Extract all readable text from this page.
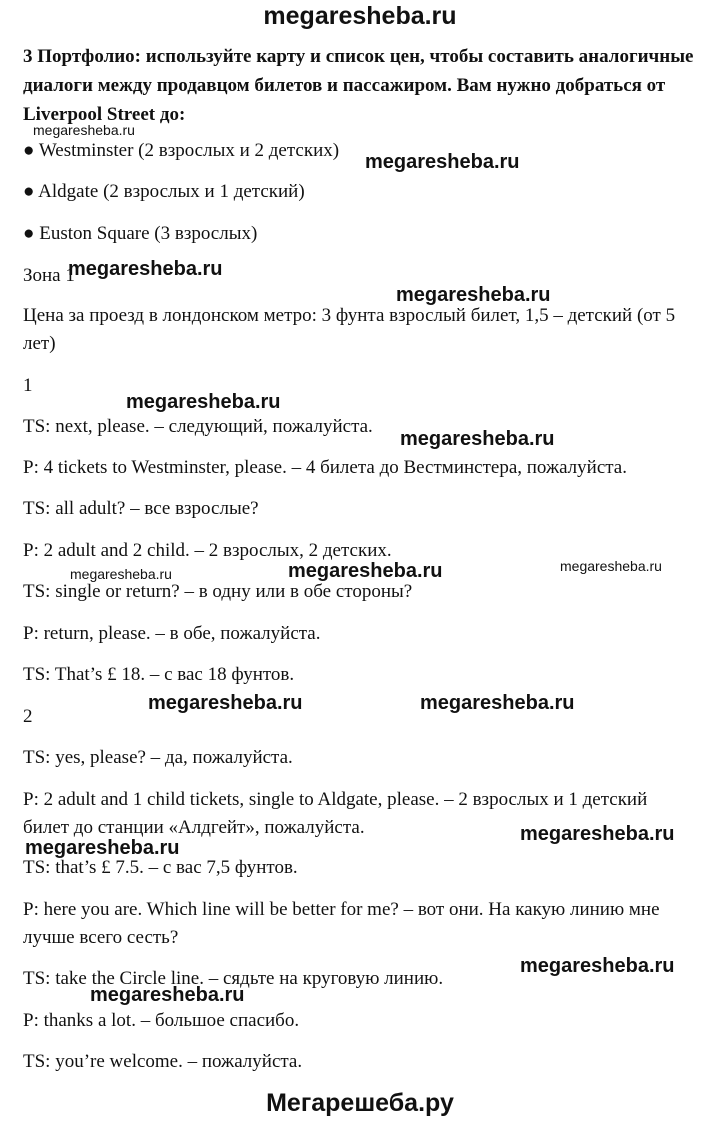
megaresheba.ru
3 Портфолио: используйте карту и список цен, чтобы составить аналогичные диалоги между продавцом билетов и пассажиром. Вам нужно добраться от Liverpool Street до:
● Westminster (2 взрослых и 2 детских)
● Aldgate (2 взрослых и 1 детский)
● Euston Square (3 взрослых)
Зона 1
Цена за проезд в лондонском метро: 3 фунта взрослый билет, 1,5 – детский (от 5 лет)
1
TS: next, please. – следующий, пожалуйста.
P: 4 tickets to Westminster, please. – 4 билета до Вестминстера, пожалуйста.
TS: all adult? – все взрослые?
P: 2 adult and 2 child. – 2 взрослых, 2 детских.
TS: single or return? – в одну или в обе стороны?
P: return, please. – в обе, пожалуйста.
TS: That’s £ 18. – с вас 18 фунтов.
2
TS: yes, please? – да, пожалуйста.
P: 2 adult and 1 child tickets, single to Aldgate, please. – 2 взрослых и 1 детский билет до станции «Алдгейт», пожалуйста.
TS: that’s £ 7.5. – с вас 7,5 фунтов.
P: here you are. Which line will be better for me? – вот они. На какую линию мне лучше всего сесть?
TS: take the Circle line. – сядьте на круговую линию.
P: thanks a lot. – большое спасибо.
TS: you’re welcome. – пожалуйста.
megaresheba.ru
megaresheba.ru
megaresheba.ru
megaresheba.ru
megaresheba.ru
megaresheba.ru
megaresheba.ru	megaresheba.ru	megaresheba.ru
megaresheba.ru	megaresheba.ru
megaresheba.ru
megaresheba.ru
megaresheba.ru
megaresheba.ru
Мегарешеба.ру
